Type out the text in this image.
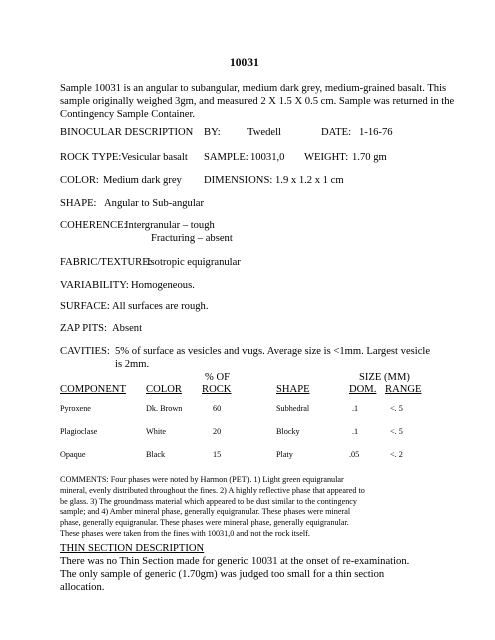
10031
Sample 10031 is an angular to subangular, medium dark grey, medium-grained basalt. This
sample originally weighed 3gm, and measured 2 X 1.5 X 0.5 cm. Sample was returned in the
Contingency Sample Container.
BINOCULAR DESCRIPTION BY: Twedell	DATE: 1-16-76
ROCK TYPE: Vesicular basalt SAMPLE: 10031,0 WEIGHT: 1.70 gm
COLOR: Medium dark grey DIMENSIONS: 1.9 x 1.2 x 1 cm
SHAPE: Angular to Sub-angular
COHERENCE:
Intergranular – tough
Fracturing – absent
FABRIC/TEXTURE:
Isotropic equigranular
VARIABILITY: Homogeneous.
SURFACE: All surfaces are rough.
ZAP PITS: Absent
CAVITIES: 5% of surface as vesicles and vugs. Average size is <1mm. Largest vesicle
is 2mm.
% OF	SIZE (MM)
COMPONENT COLOR ROCK	SHAPE	DOM. RANGE
Pyroxene	Dk. Brown	60	Subhedral	.1	<. 5
Plagioclase	White	20	Blocky	.1	<. 5
Opaque	Black	15	Platy	.05	<. 2
COMMENTS: Four phases were noted by Harmon (PET). 1) Light green equigranular
mineral, evenly distributed throughout the fines. 2) A highly reflective phase that appeared to
be glass. 3) The groundmass material which appeared to be dust similar to the contingency
sample; and 4) Amber mineral phase, generally equigranular. These phases were mineral
phase, generally equigranular. These phases were mineral phase, generally equigranular.
These phases were taken from the fines with 10031,0 and not the rock itself.
THIN SECTION DESCRIPTION
There was no Thin Section made for generic 10031 at the onset of re-examination.
The only sample of generic (1.70gm) was judged too small for a thin section
allocation.
